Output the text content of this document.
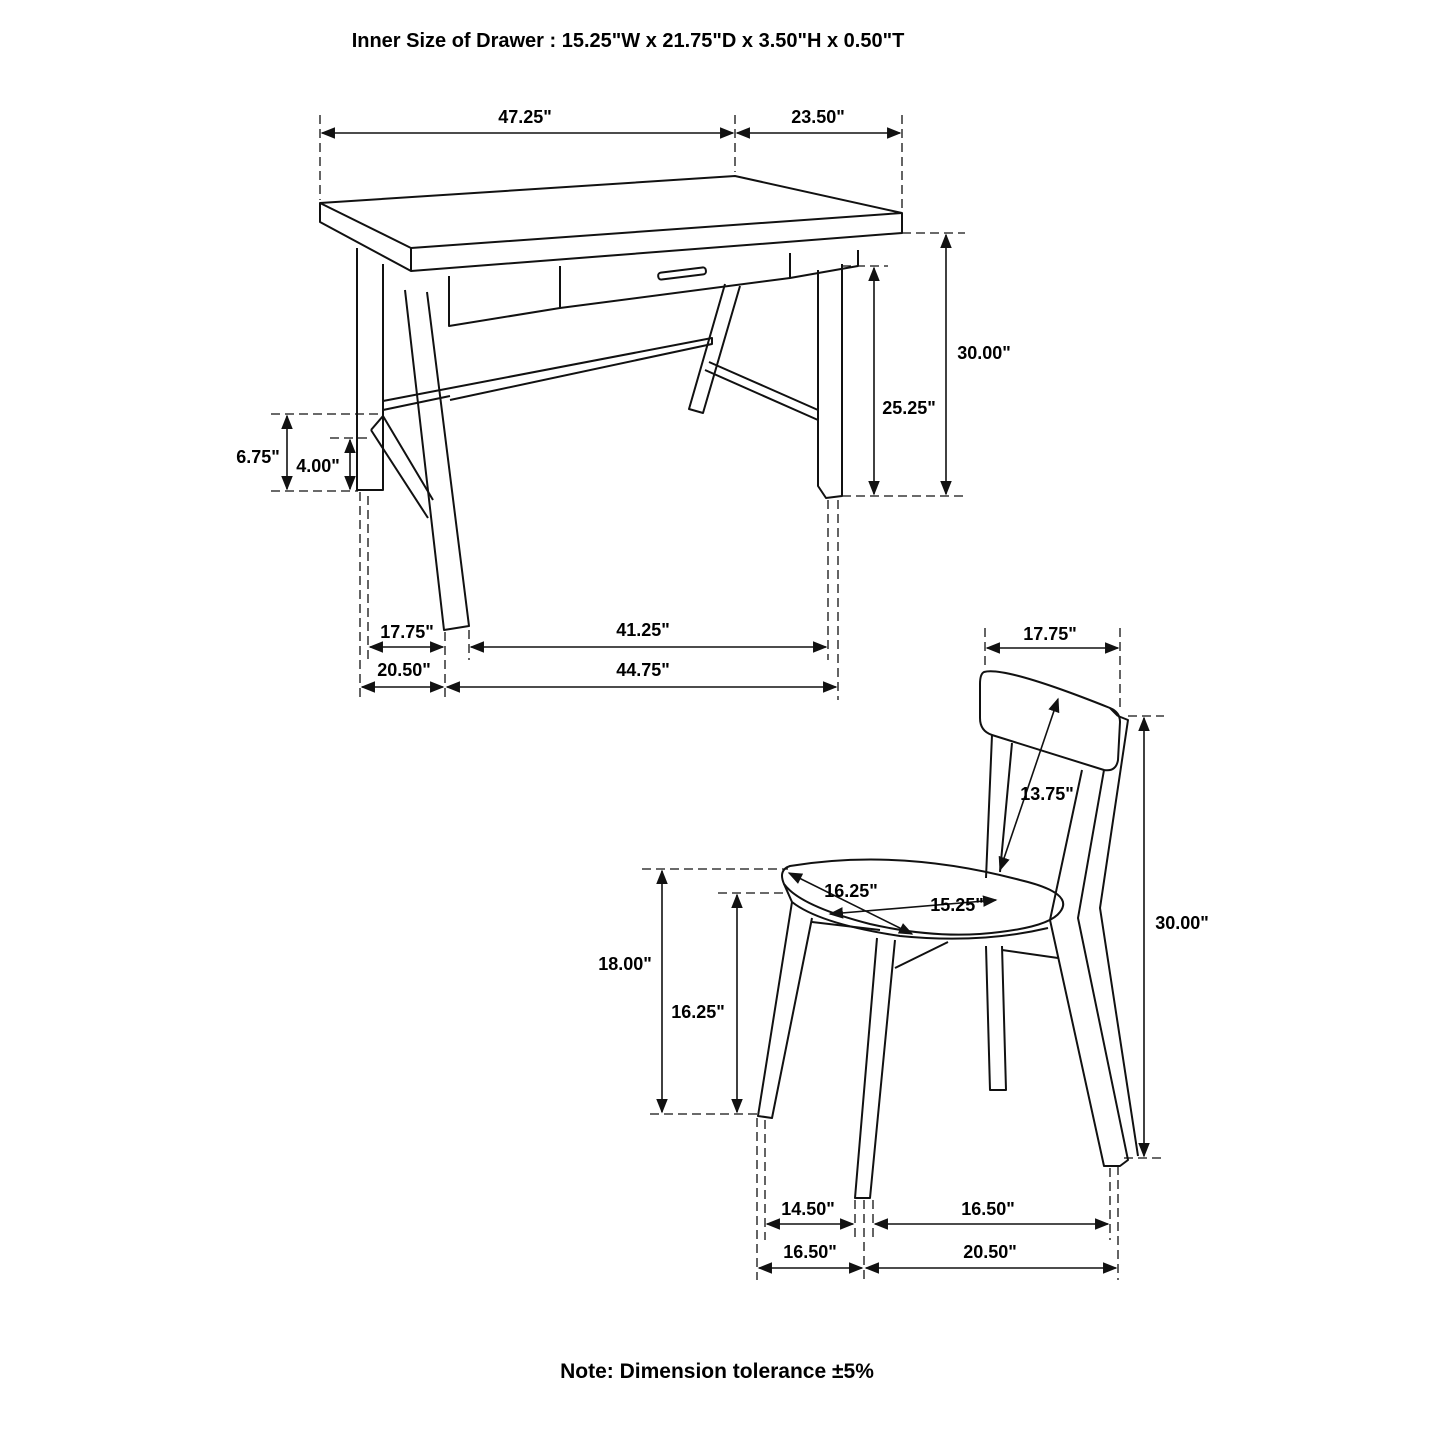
Inner Size of Drawer : 15.25"W x 21.75"D x 3.50"H x 0.50"T
47.25"	23.50"
30.00"
25.25"
6.75" 4.00"
17.75"	41.25"
20.50"	44.75"
17.75"
13.75"
16.25"
15.25"
30.00"
18.00"
16.25"
14.50"	16.50"
16.50"	20.50"
Note: Dimension tolerance ±5%
